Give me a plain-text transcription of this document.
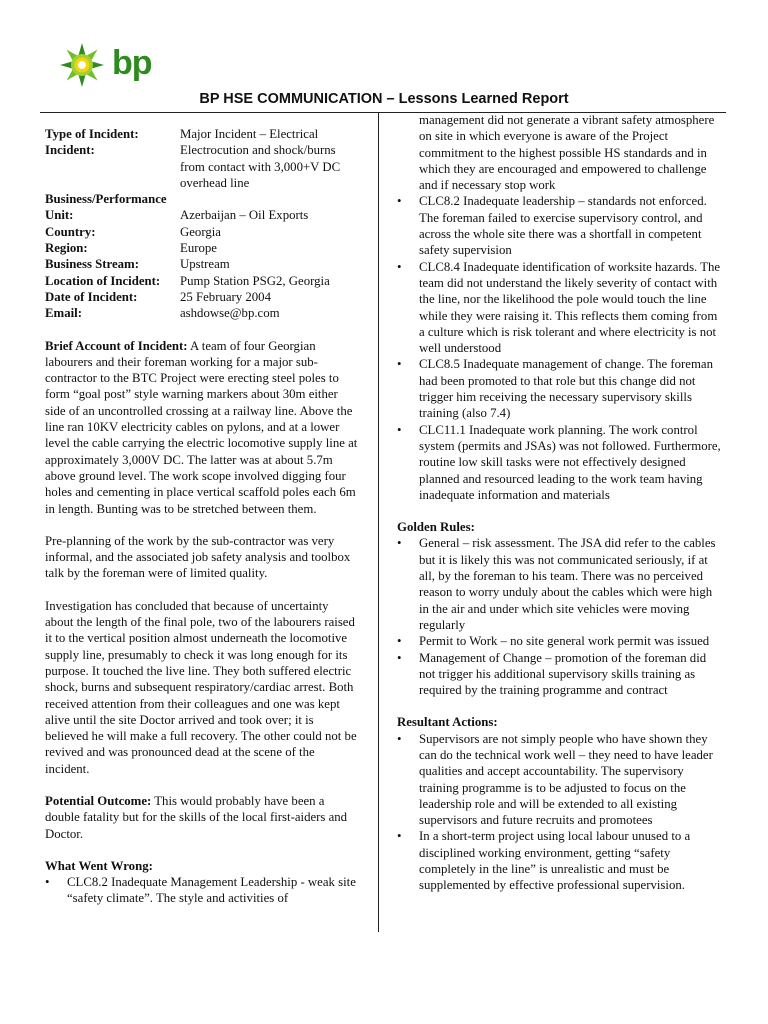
bp
BP HSE COMMUNICATION – Lessons Learned Report
Type of Incident:	Major Incident – Electrical
Incident:	Electrocution and shock/burns from contact with 3,000+V DC overhead line
Business/Performance
Unit:	Azerbaijan – Oil Exports
Country:	Georgia
Region:	Europe
Business Stream:	Upstream
Location of Incident:	Pump Station PSG2, Georgia
Date of Incident:	25 February 2004
Email:	ashdowse@bp.com

Brief Account of Incident: A team of four Georgian labourers and their foreman working for a major sub-contractor to the BTC Project were erecting steel poles to form “goal post” style warning markers about 30m either side of an uncontrolled crossing at a railway line. Above the line ran 10KV electricity cables on pylons, and at a lower level the cable carrying the electric locomotive supply line at approximately 3,000V DC. The latter was at about 5.7m above ground level. The work scope involved digging four holes and cementing in place vertical scaffold poles each 6m in length. Bunting was to be stretched between them.

Pre-planning of the work by the sub-contractor was very informal, and the associated job safety analysis and toolbox talk by the foreman were of limited quality.

Investigation has concluded that because of uncertainty about the length of the final pole, two of the labourers raised it to the vertical position almost underneath the locomotive supply line, presumably to check it was long enough for its purpose. It touched the live line. They both suffered electric shock, burns and subsequent respiratory/cardiac arrest. Both received attention from their colleagues and one was kept alive until the site Doctor arrived and took over; it is believed he will make a full recovery. The other could not be revived and was pronounced dead at the scene of the incident.

Potential Outcome: This would probably have been a double fatality but for the skills of the local first-aiders and Doctor.

What Went Wrong:
• CLC8.2 Inadequate Management Leadership - weak site “safety climate”. The style and activities of
management did not generate a vibrant safety atmosphere on site in which everyone is aware of the Project commitment to the highest possible HS standards and in which they are encouraged and empowered to challenge and if necessary stop work
• CLC8.2 Inadequate leadership – standards not enforced. The foreman failed to exercise supervisory control, and across the whole site there was a shortfall in competent safety supervision
• CLC8.4 Inadequate identification of worksite hazards. The team did not understand the likely severity of contact with the line, nor the likelihood the pole would touch the line while they were raising it. This reflects them coming from a culture which is risk tolerant and where electricity is not well understood
• CLC8.5 Inadequate management of change. The foreman had been promoted to that role but this change did not trigger him receiving the necessary supervisory skills training (also 7.4)
• CLC11.1 Inadequate work planning. The work control system (permits and JSAs) was not followed. Furthermore, routine low skill tasks were not effectively designed planned and resourced leading to the work team having inadequate information and materials
Golden Rules:
• General – risk assessment. The JSA did refer to the cables but it is likely this was not communicated seriously, if at all, by the foreman to his team. There was no perceived reason to worry unduly about the cables which were high in the air and under which site vehicles were moving regularly
• Permit to Work – no site general work permit was issued
• Management of Change – promotion of the foreman did not trigger his additional supervisory skills training as required by the training programme and contract
Resultant Actions:
• Supervisors are not simply people who have shown they can do the technical work well – they need to have leader qualities and accept accountability. The supervisory training programme is to be adjusted to focus on the leadership role and will be extended to all existing supervisors and future recruits and promotees
• In a short-term project using local labour unused to a disciplined working environment, getting “safety completely in the line” is unrealistic and must be supplemented by effective professional supervision.
